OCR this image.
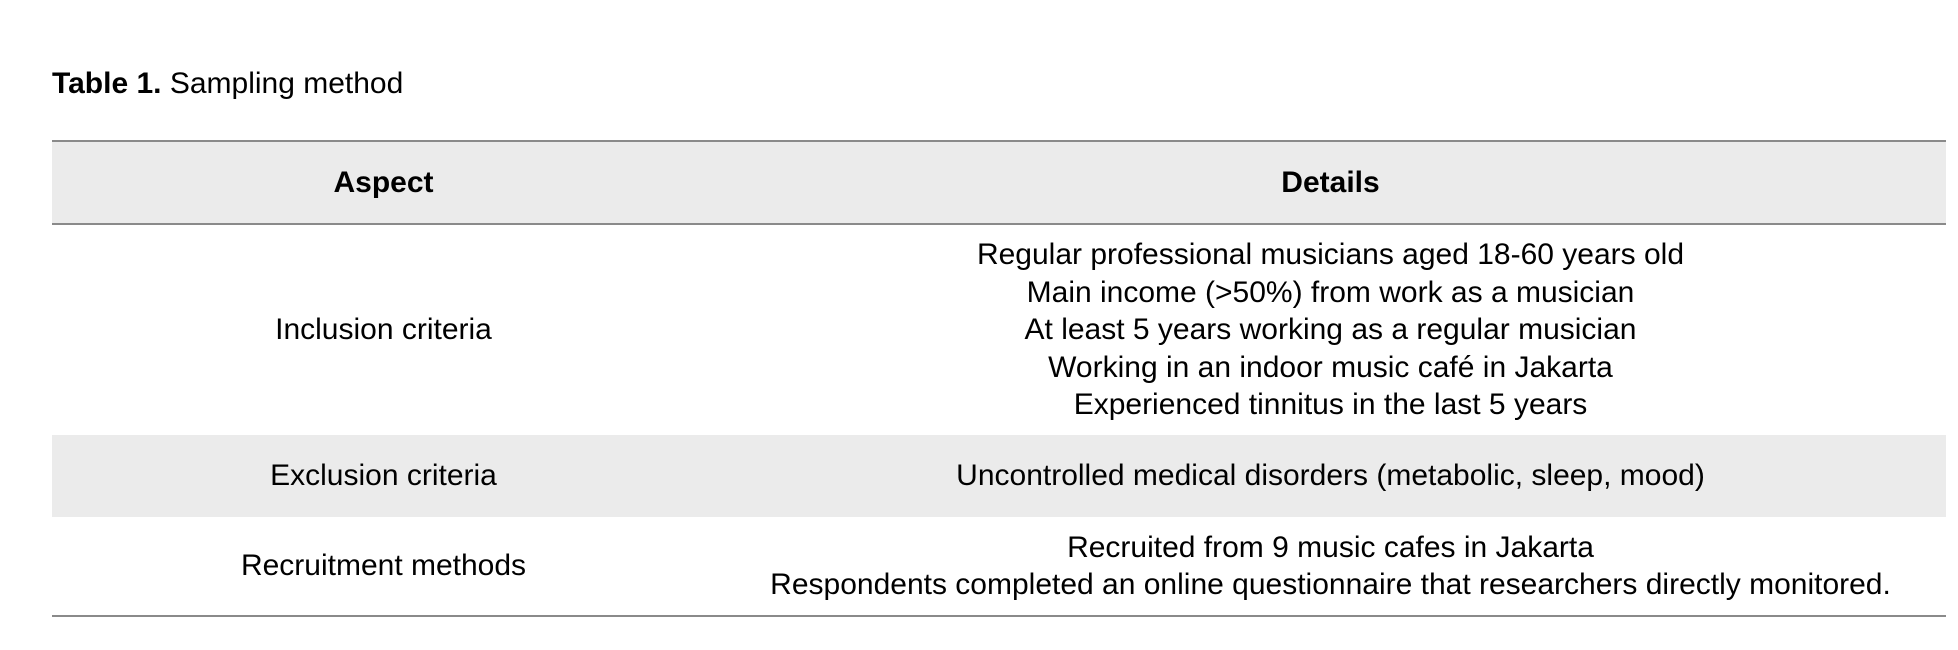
Table 1. Sampling method
Aspect	Details
Inclusion criteria	Regular professional musicians aged 18-60 years old
Main income (>50%) from work as a musician
At least 5 years working as a regular musician
Working in an indoor music café in Jakarta
Experienced tinnitus in the last 5 years

Exclusion criteria	Uncontrolled medical disorders (metabolic, sleep, mood)

Recruitment methods	Recruited from 9 music cafes in Jakarta
Respondents completed an online questionnaire that researchers directly monitored.
